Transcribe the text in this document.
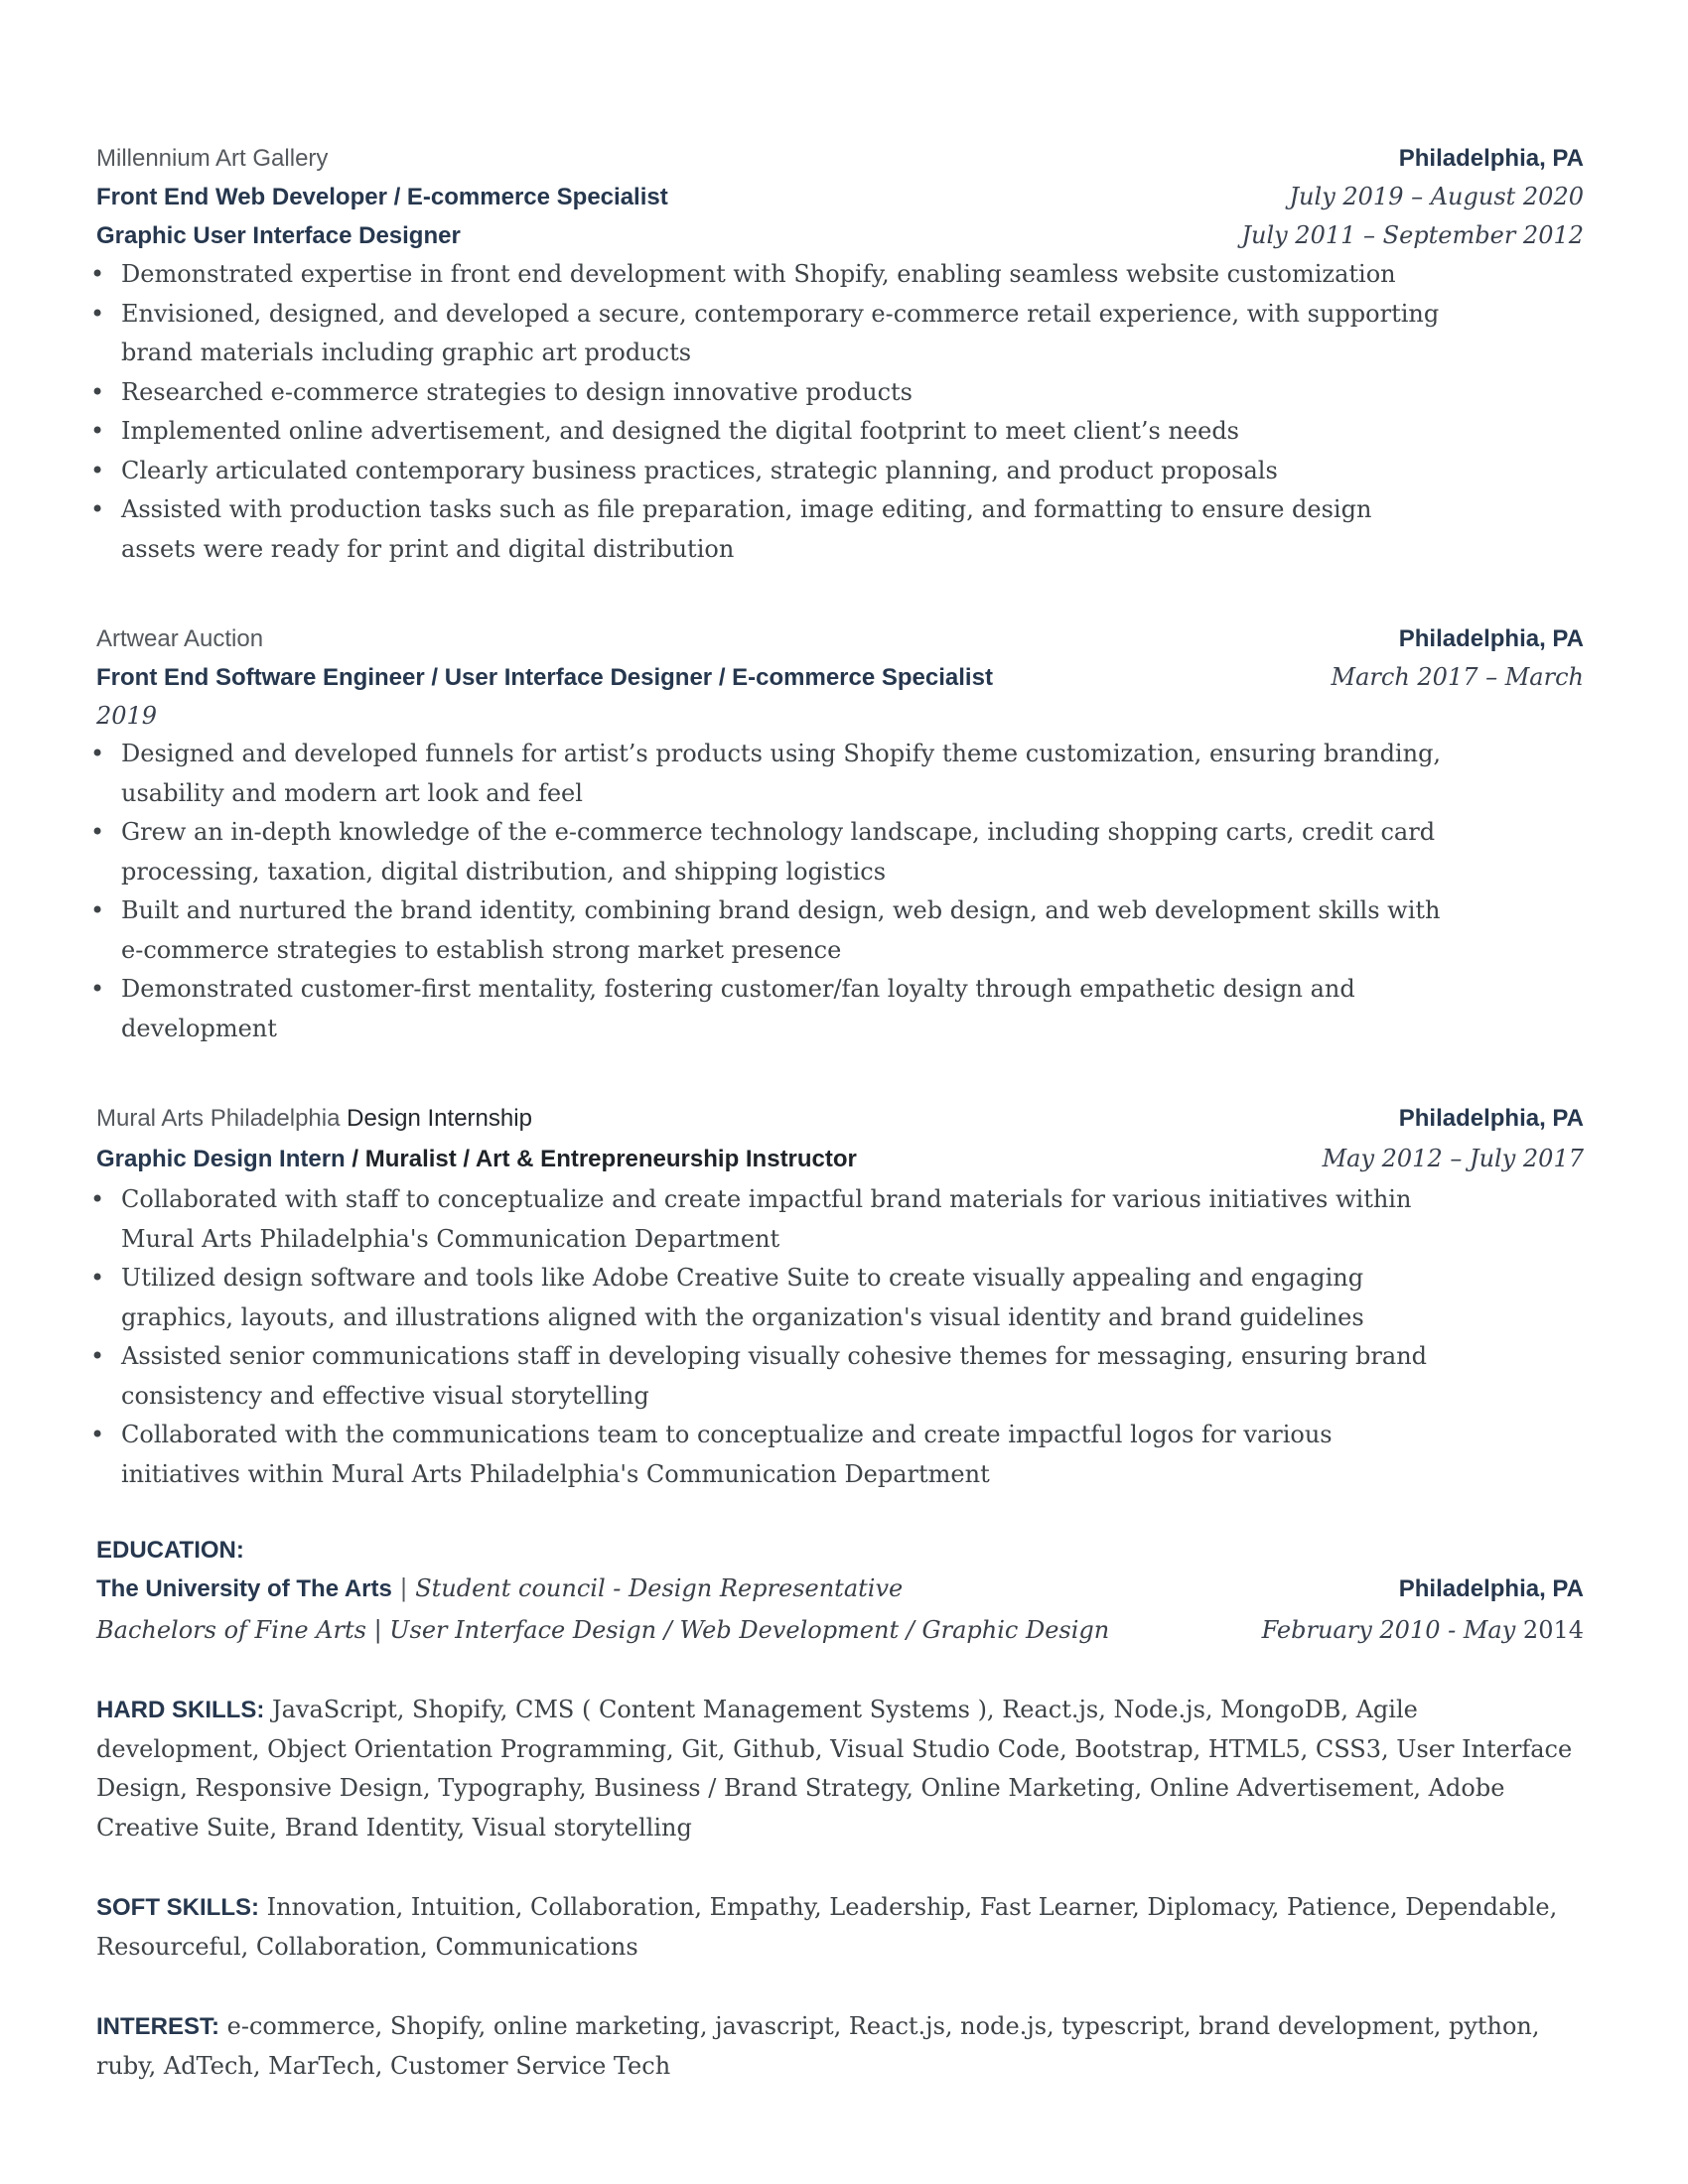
Millennium Art Gallery	Philadelphia, PA
Front End Web Developer / E-commerce Specialist	July 2019 – August 2020
Graphic User Interface Designer	July 2011 – September 2012
• Demonstrated expertise in front end development with Shopify, enabling seamless website customization
• Envisioned, designed, and developed a secure, contemporary e-commerce retail experience, with supporting brand materials including graphic art products
• Researched e-commerce strategies to design innovative products
• Implemented online advertisement, and designed the digital footprint to meet client’s needs
• Clearly articulated contemporary business practices, strategic planning, and product proposals
• Assisted with production tasks such as file preparation, image editing, and formatting to ensure design assets were ready for print and digital distribution
Artwear Auction	Philadelphia, PA
Front End Software Engineer / User Interface Designer / E-commerce Specialist	March 2017 – March
2019
• Designed and developed funnels for artist’s products using Shopify theme customization, ensuring branding, usability and modern art look and feel
• Grew an in-depth knowledge of the e-commerce technology landscape, including shopping carts, credit card processing, taxation, digital distribution, and shipping logistics
• Built and nurtured the brand identity, combining brand design, web design, and web development skills with e-commerce strategies to establish strong market presence
• Demonstrated customer-first mentality, fostering customer/fan loyalty through empathetic design and development
Mural Arts Philadelphia Design Internship	Philadelphia, PA
Graphic Design Intern / Muralist / Art & Entrepreneurship Instructor	May 2012 – July 2017
• Collaborated with staff to conceptualize and create impactful brand materials for various initiatives within Mural Arts Philadelphia's Communication Department
• Utilized design software and tools like Adobe Creative Suite to create visually appealing and engaging graphics, layouts, and illustrations aligned with the organization's visual identity and brand guidelines
• Assisted senior communications staff in developing visually cohesive themes for messaging, ensuring brand consistency and effective visual storytelling
• Collaborated with the communications team to conceptualize and create impactful logos for various initiatives within Mural Arts Philadelphia's Communication Department
EDUCATION:
The University of The Arts | Student council - Design Representative	Philadelphia, PA
Bachelors of Fine Arts | User Interface Design / Web Development / Graphic Design	February 2010 - May 2014

HARD SKILLS: JavaScript, Shopify, CMS ( Content Management Systems ), React.js, Node.js, MongoDB, Agile development, Object Orientation Programming, Git, Github, Visual Studio Code, Bootstrap, HTML5, CSS3, User Interface Design, Responsive Design, Typography, Business / Brand Strategy, Online Marketing, Online Advertisement, Adobe Creative Suite, Brand Identity, Visual storytelling

SOFT SKILLS: Innovation, Intuition, Collaboration, Empathy, Leadership, Fast Learner, Diplomacy, Patience, Dependable, Resourceful, Collaboration, Communications

INTEREST: e-commerce, Shopify, online marketing, javascript, React.js, node.js, typescript, brand development, python, ruby, AdTech, MarTech, Customer Service Tech
